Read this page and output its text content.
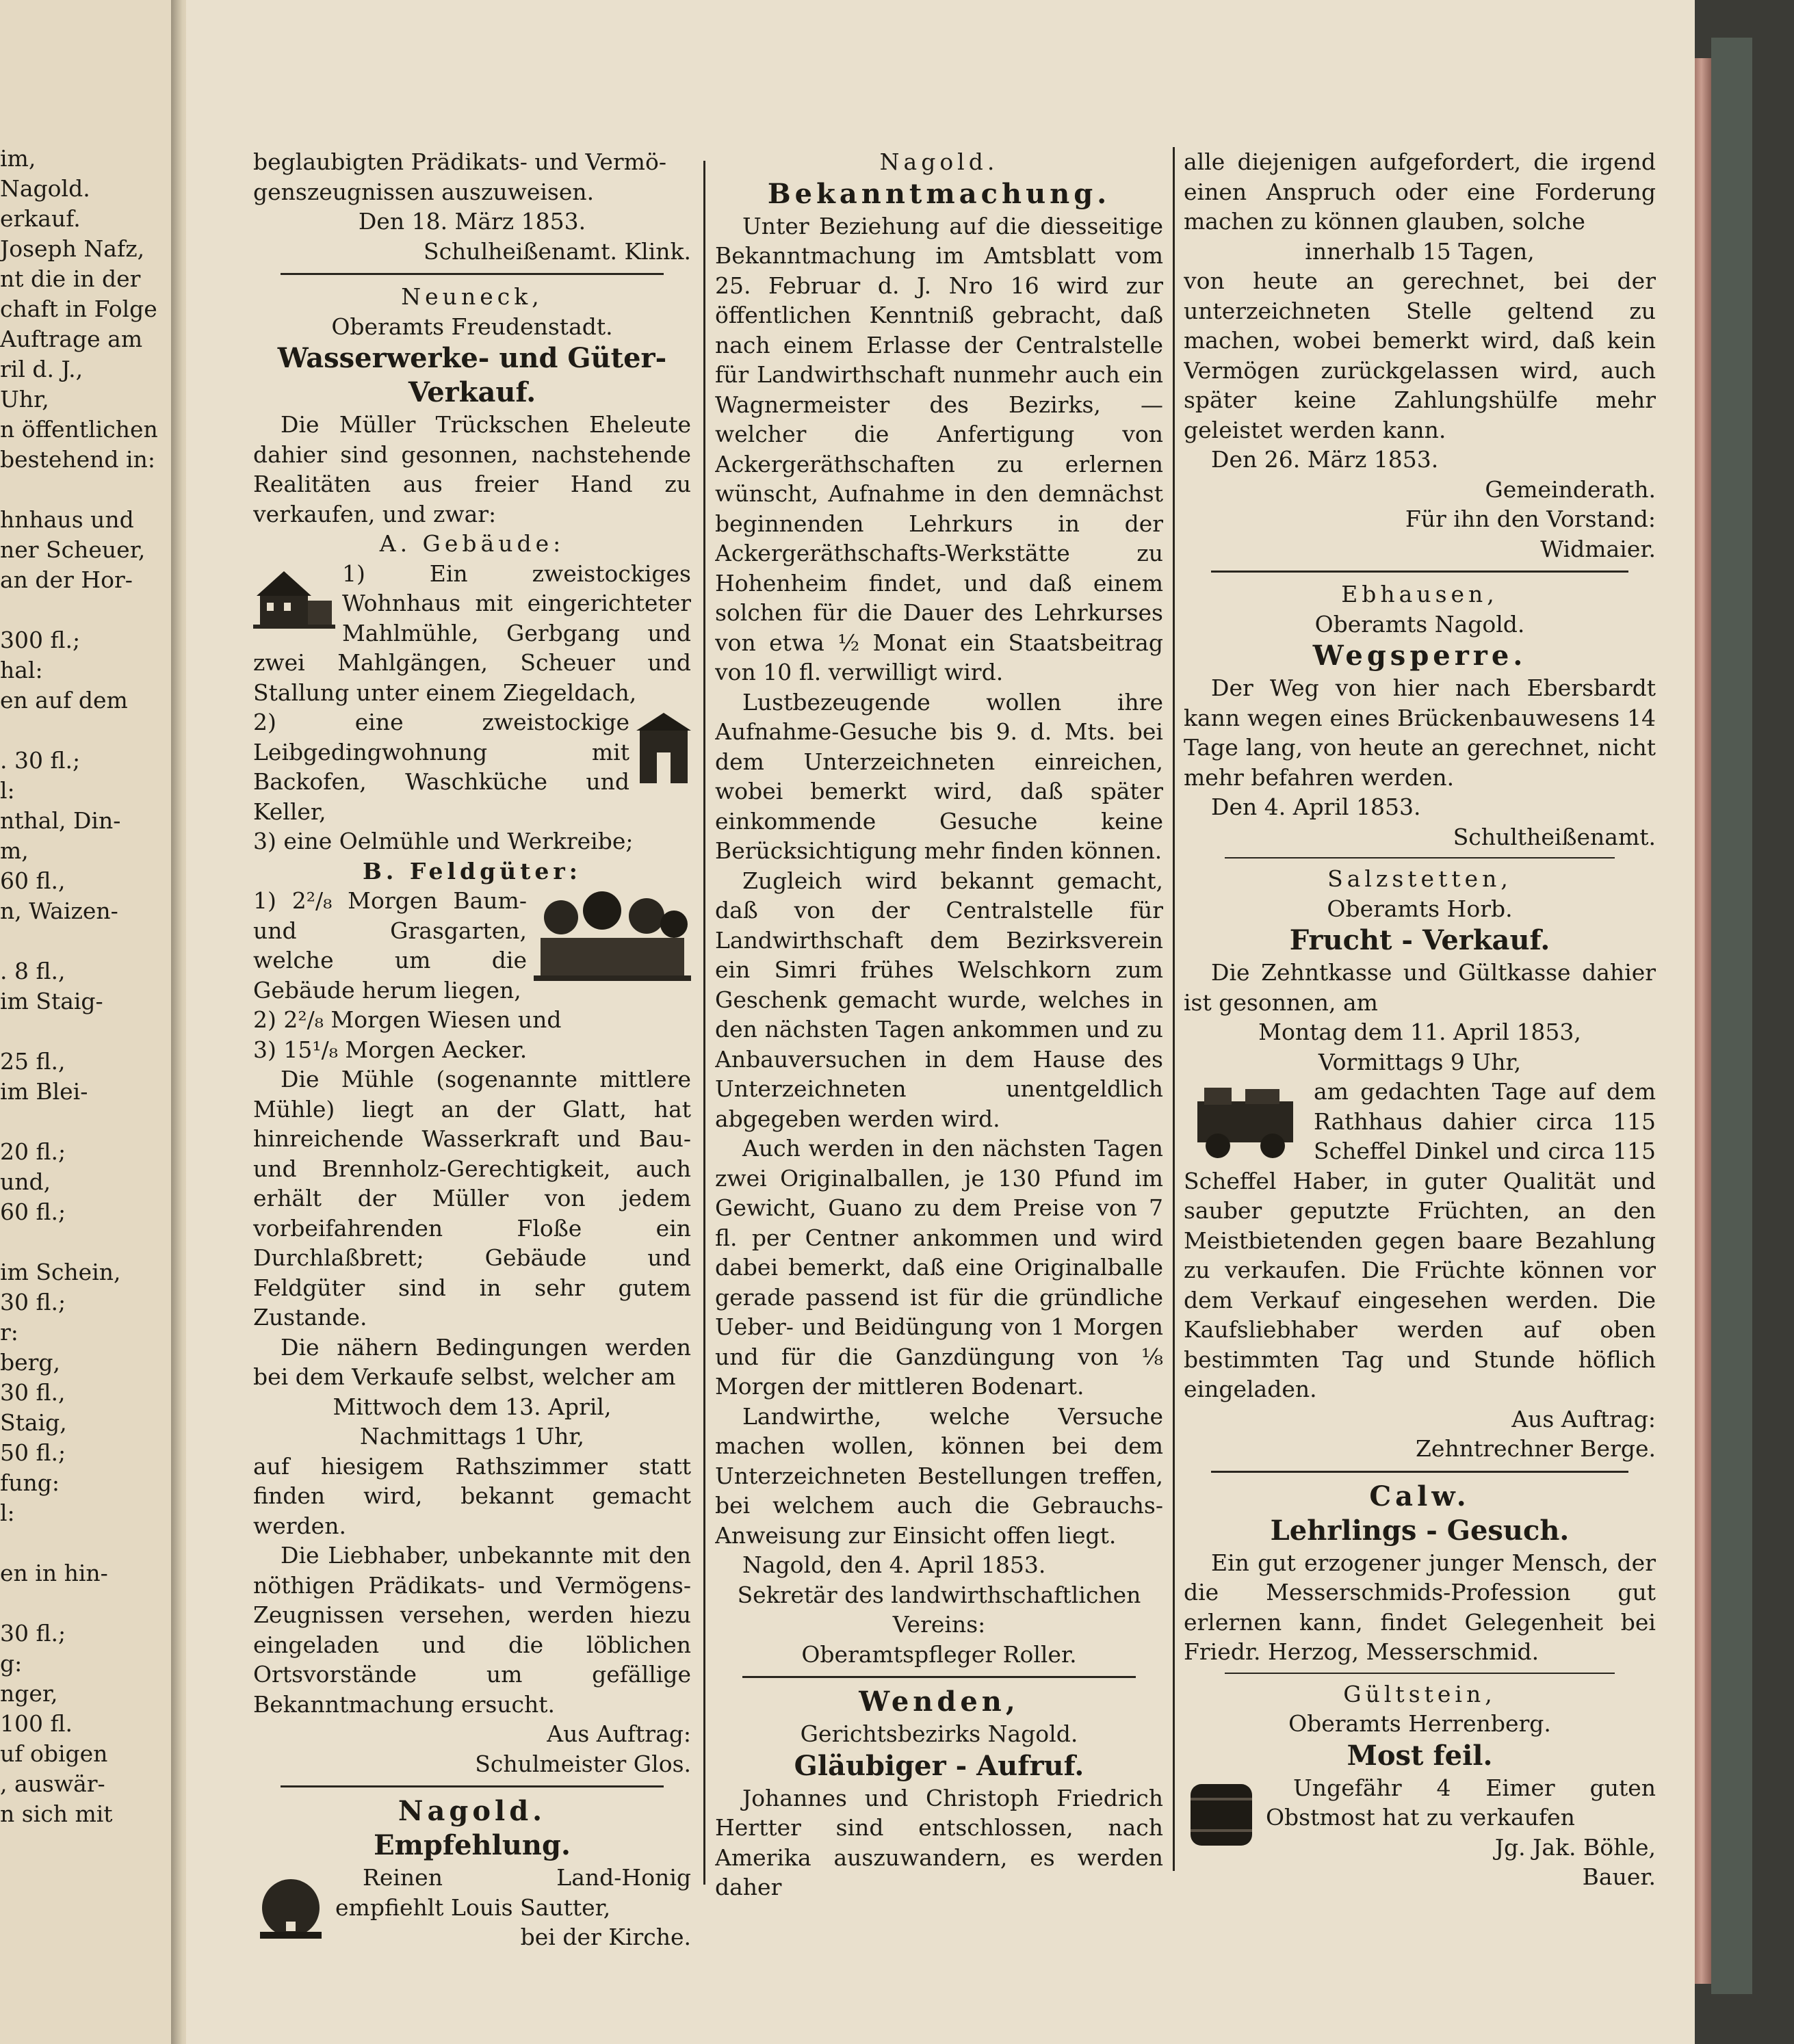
im,
Nagold.
erkauf.
Joseph Nafz,
nt die in der
chaft in Folge
Auftrage am
ril d. J.,
Uhr,
n öffentlichen
bestehend in:

hnhaus und
ner Scheuer,
an der Hor-

300 fl.;
hal:
en auf dem

. 30 fl.;
l:
nthal, Din-
m,
60 fl.,
n, Waizen-

. 8 fl.,
im Staig-

25 fl.,
im Blei-

20 fl.;
und,
60 fl.;

im Schein,
30 fl.;
r:
berg,
30 fl.,
Staig,
50 fl.;
fung:
l:

en in hin-

30 fl.;
g:
nger,
100 fl.
uf obigen
, auswär-
n sich mit

beglaubigten Prädikats- und Vermö-
genszeugnissen auszuweisen.

Den 18. März 1853.

Schulheißenamt. Klink.

Neuneck,

Oberamts Freudenstadt.

Wasserwerke- und Güter-Verkauf.

Die Müller Trückschen Eheleute dahier sind gesonnen, nachstehende Realitäten aus freier Hand zu verkaufen, und zwar:

A. Gebäude:

1) Ein zweistockiges Wohnhaus mit eingerichteter Mahlmühle, Gerbgang und zwei Mahlgängen, Scheuer und Stallung unter einem Ziegeldach,

2) eine zweistockige Leibgedingwohnung mit Backofen, Waschküche und Keller,

3) eine Oelmühle und Werkreibe;

B. Feldgüter:

1) 2²/₈ Morgen Baum- und Grasgarten, welche um die Gebäude herum liegen,

2) 2²/₈ Morgen Wiesen und

3) 15¹/₈ Morgen Aecker.

Die Mühle (sogenannte mittlere Mühle) liegt an der Glatt, hat hinreichende Wasserkraft und Bau- und Brennholz-Gerechtigkeit, auch erhält der Müller von jedem vorbeifahrenden Floße ein Durchlaßbrett; Gebäude und Feldgüter sind in sehr gutem Zustande.

Die nähern Bedingungen werden bei dem Verkaufe selbst, welcher am

Mittwoch dem 13. April,

Nachmittags 1 Uhr,

auf hiesigem Rathszimmer statt finden wird, bekannt gemacht werden.

Die Liebhaber, unbekannte mit den nöthigen Prädikats- und Vermögens-Zeugnissen versehen, werden hiezu eingeladen und die löblichen Ortsvorstände um gefällige Bekanntmachung ersucht.

Aus Auftrag:

Schulmeister Glos.

Nagold.

Empfehlung.

Reinen Land-Honig empfiehlt Louis Sautter,

bei der Kirche.

Nagold.

Bekanntmachung.

Unter Beziehung auf die diesseitige Bekanntmachung im Amtsblatt vom 25. Februar d. J. Nro 16 wird zur öffentlichen Kenntniß gebracht, daß nach einem Erlasse der Centralstelle für Landwirthschaft nunmehr auch ein Wagnermeister des Bezirks, — welcher die Anfertigung von Ackergeräthschaften zu erlernen wünscht, Aufnahme in den demnächst beginnenden Lehrkurs in der Ackergeräthschafts-Werkstätte zu Hohenheim findet, und daß einem solchen für die Dauer des Lehrkurses von etwa ½ Monat ein Staatsbeitrag von 10 fl. verwilligt wird.

Lustbezeugende wollen ihre Aufnahme-Gesuche bis 9. d. Mts. bei dem Unterzeichneten einreichen, wobei bemerkt wird, daß später einkommende Gesuche keine Berücksichtigung mehr finden können.

Zugleich wird bekannt gemacht, daß von der Centralstelle für Landwirthschaft dem Bezirksverein ein Simri frühes Welschkorn zum Geschenk gemacht wurde, welches in den nächsten Tagen ankommen und zu Anbauversuchen in dem Hause des Unterzeichneten unentgeldlich abgegeben werden wird.

Auch werden in den nächsten Tagen zwei Originalballen, je 130 Pfund im Gewicht, Guano zu dem Preise von 7 fl. per Centner ankommen und wird dabei bemerkt, daß eine Originalballe gerade passend ist für die gründliche Ueber- und Beidüngung von 1 Morgen und für die Ganzdüngung von ⅛ Morgen der mittleren Bodenart.

Landwirthe, welche Versuche machen wollen, können bei dem Unterzeichneten Bestellungen treffen, bei welchem auch die Gebrauchs-Anweisung zur Einsicht offen liegt.

Nagold, den 4. April 1853.

Sekretär des landwirthschaftlichen Vereins:

Oberamtspfleger Roller.

Wenden,

Gerichtsbezirks Nagold.

Gläubiger - Aufruf.

Johannes und Christoph Friedrich Hertter sind entschlossen, nach Amerika auszuwandern, es werden daher

alle diejenigen aufgefordert, die irgend einen Anspruch oder eine Forderung machen zu können glauben, solche

innerhalb 15 Tagen,

von heute an gerechnet, bei der unterzeichneten Stelle geltend zu machen, wobei bemerkt wird, daß kein Vermögen zurückgelassen wird, auch später keine Zahlungshülfe mehr geleistet werden kann.

Den 26. März 1853.

Gemeinderath.

Für ihn den Vorstand:

Widmaier.

Ebhausen,

Oberamts Nagold.

Wegsperre.

Der Weg von hier nach Ebersbardt kann wegen eines Brückenbauwesens 14 Tage lang, von heute an gerechnet, nicht mehr befahren werden.

Den 4. April 1853.

Schultheißenamt.

Salzstetten,

Oberamts Horb.

Frucht - Verkauf.

Die Zehntkasse und Gültkasse dahier ist gesonnen, am

Montag dem 11. April 1853,

Vormittags 9 Uhr,

am gedachten Tage auf dem Rathhaus dahier circa 115 Scheffel Dinkel und circa 115 Scheffel Haber, in guter Qualität und sauber geputzte Früchten, an den Meistbietenden gegen baare Bezahlung zu verkaufen. Die Früchte können vor dem Verkauf eingesehen werden. Die Kaufsliebhaber werden auf oben bestimmten Tag und Stunde höflich eingeladen.

Aus Auftrag:

Zehntrechner Berge.

Calw.

Lehrlings - Gesuch.

Ein gut erzogener junger Mensch, der die Messerschmids-Profession gut erlernen kann, findet Gelegenheit bei Friedr. Herzog, Messerschmid.

Gültstein,

Oberamts Herrenberg.

Most feil.

Ungefähr 4 Eimer guten Obstmost hat zu verkaufen

Jg. Jak. Böhle,

Bauer.
